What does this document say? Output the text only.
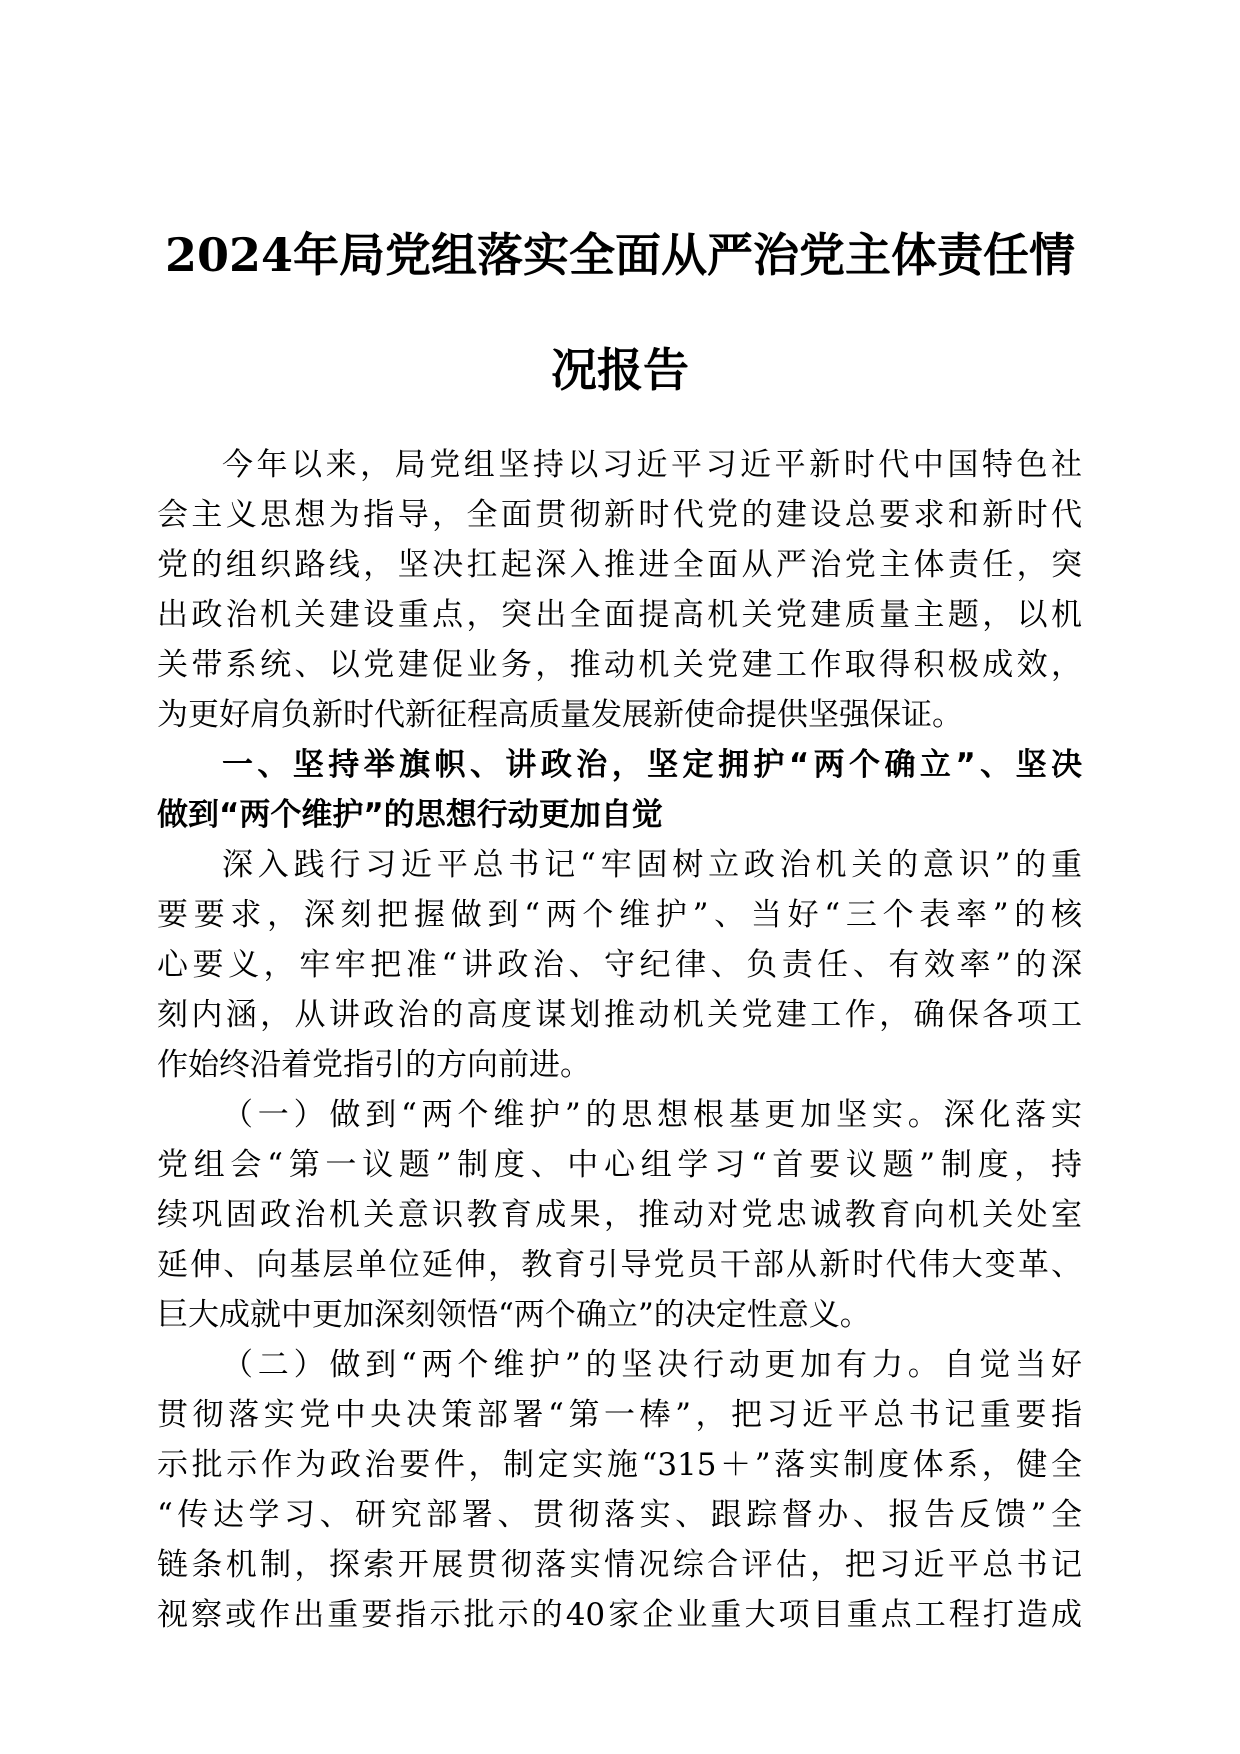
2024年局党组落实全面从严治党主体责任情
况报告
今年以来，局党组坚持以习近平习近平新时代中国特色社
会主义思想为指导，全面贯彻新时代党的建设总要求和新时代
党的组织路线，坚决扛起深入推进全面从严治党主体责任，突
出政治机关建设重点，突出全面提高机关党建质量主题，以机
关带系统、以党建促业务，推动机关党建工作取得积极成效，
为更好肩负新时代新征程高质量发展新使命提供坚强保证。
一、坚持举旗帜、讲政治，坚定拥护“两个确立”、坚决
做到“两个维护”的思想行动更加自觉
深入践行习近平总书记“牢固树立政治机关的意识”的重
要要求，深刻把握做到“两个维护”、当好“三个表率”的核
心要义，牢牢把准“讲政治、守纪律、负责任、有效率”的深
刻内涵，从讲政治的高度谋划推动机关党建工作，确保各项工
作始终沿着党指引的方向前进。
（一）做到“两个维护”的思想根基更加坚实。深化落实
党组会“第一议题”制度、中心组学习“首要议题”制度，持
续巩固政治机关意识教育成果，推动对党忠诚教育向机关处室
延伸、向基层单位延伸，教育引导党员干部从新时代伟大变革、
巨大成就中更加深刻领悟“两个确立”的决定性意义。
（二）做到“两个维护”的坚决行动更加有力。自觉当好
贯彻落实党中央决策部署“第一棒”，把习近平总书记重要指
示批示作为政治要件，制定实施“315＋”落实制度体系，健全
“传达学习、研究部署、贯彻落实、跟踪督办、报告反馈”全
链条机制，探索开展贯彻落实情况综合评估，把习近平总书记
视察或作出重要指示批示的40家企业重大项目重点工程打造成
